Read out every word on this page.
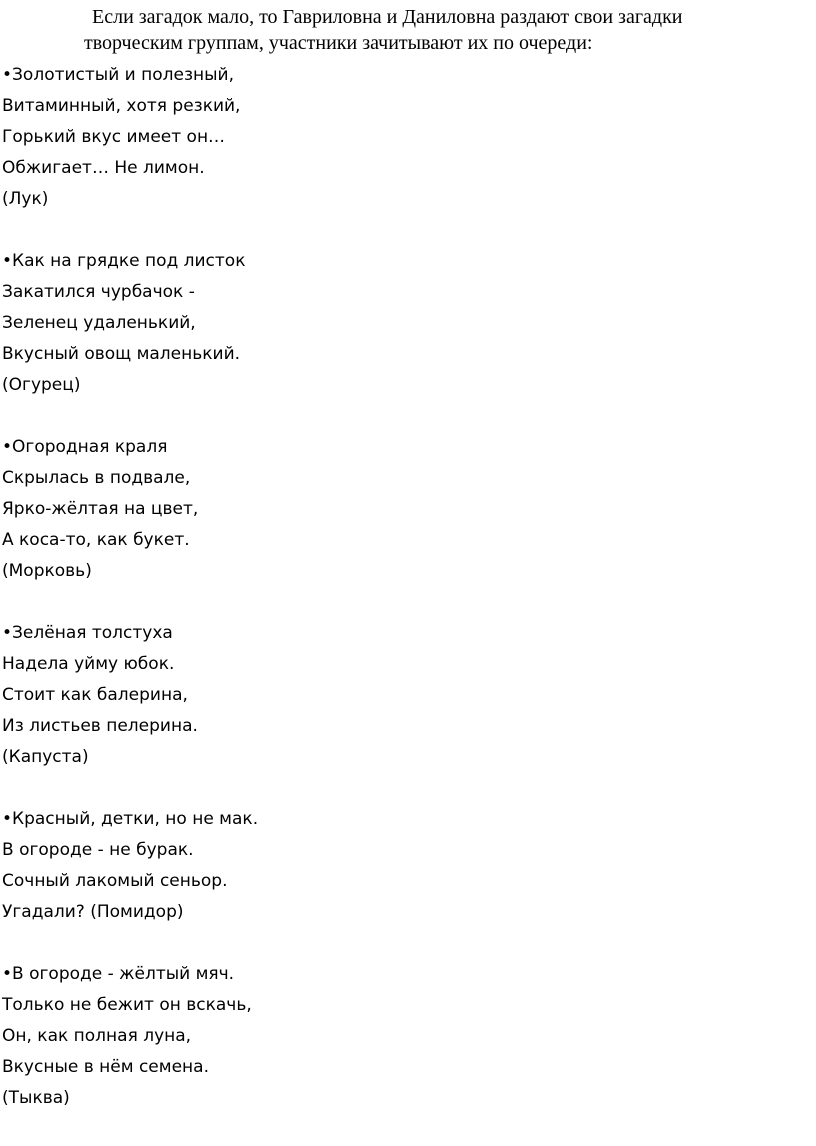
Если загадок мало, то Гавриловна и Даниловна раздают свои загадки
творческим группам, участники зачитывают их по очереди:
•Золотистый и полезный,
Витаминный, хотя резкий,
Горький вкус имеет он…
Обжигает… Не лимон.
(Лук)
•Как на грядке под листок
Закатился чурбачок -
Зеленец удаленький,
Вкусный овощ маленький.
(Огурец)
•Огородная краля
Скрылась в подвале,
Ярко-жёлтая на цвет,
А коса-то, как букет.
(Морковь)
•Зелёная толстуха
Надела уйму юбок.
Стоит как балерина,
Из листьев пелерина.
(Капуста)
•Красный, детки, но не мак.
В огороде - не бурак.
Сочный лакомый сеньор.
Угадали? (Помидор)
•В огороде - жёлтый мяч.
Только не бежит он вскачь,
Он, как полная луна,
Вкусные в нём семена.
(Тыква)
